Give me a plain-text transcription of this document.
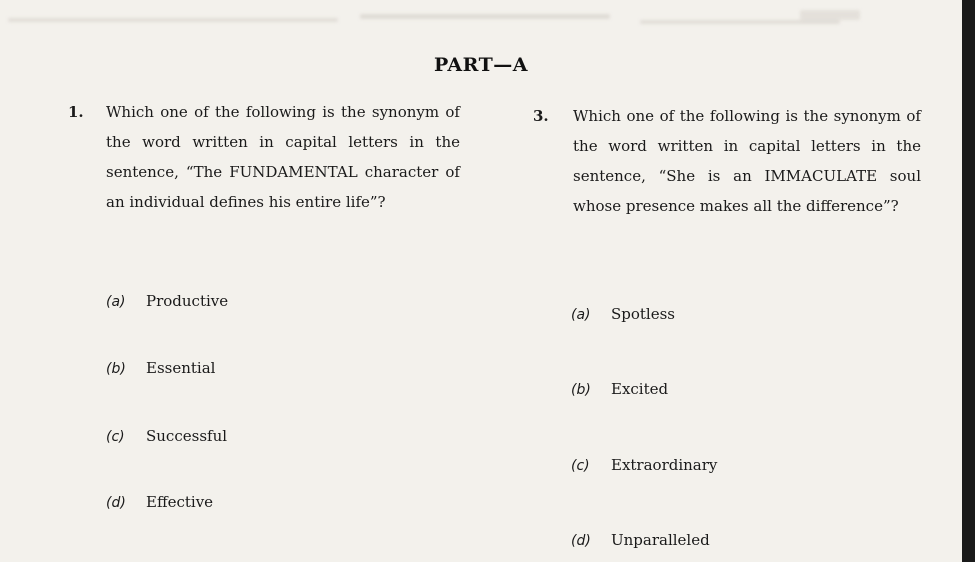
PART—A
1. Which one of the following is the synonym of the word written in capital letters in the sentence, “The FUNDAMENTAL character of an individual defines his entire life”?
(a) Productive
(b) Essential
(c) Successful
(d) Effective
3. Which one of the following is the synonym of the word written in capital letters in the sentence, “She is an IMMACULATE soul whose presence makes all the difference”?
(a) Spotless
(b) Excited
(c) Extraordinary
(d) Unparalleled
